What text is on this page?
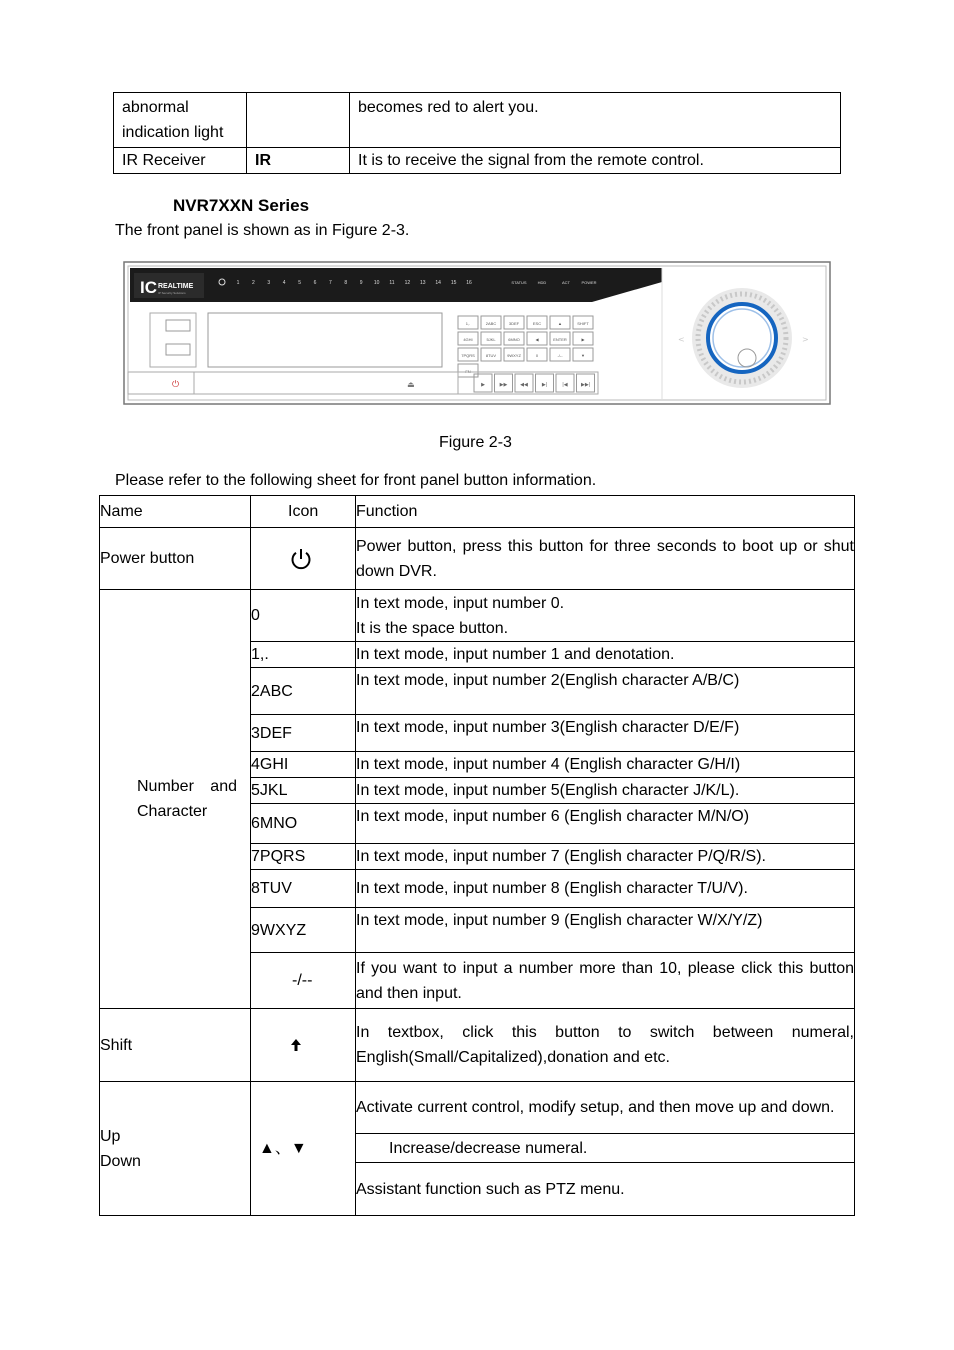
abnormal indication light		becomes red to alert you.
IR Receiver	IR	It is to receive the signal from the remote control.
NVR7XXN Series
The front panel is shown as in Figure 2-3.
IC REALTIME
IP Security Solutions
1	2	3	4	5	6	7	8	9 10 11 12 13 14 15 16	STATUS	HDD	ACT	POWER
1,.	2ABC	3DEF	ESC	▲	SHIFT
4GHI	5JKL	6MNO	◀	ENTER	▶
7PQRS	8TUV	9WXYZ	0	-/--	▼
FN
⏻	⏏	▶	▶▶	◀◀	▶|	|◀	▶▶|
<	>
Figure 2-3
Please refer to the following sheet for front panel button information.
Name	Icon	Function
Power button		Power button, press this button for three seconds to boot up or shut down DVR.
Number and Character	0	In text mode, input number 0.
It is the space button.
	1,.	In text mode, input number 1 and denotation.
	2ABC	In text mode, input number 2(English character A/B/C)
	3DEF	In text mode, input number 3(English character D/E/F)
	4GHI	In text mode, input number 4 (English character G/H/I)
	5JKL	In text mode, input number 5(English character J/K/L).
	6MNO	In text mode, input number 6 (English character M/N/O)
	7PQRS	In text mode, input number 7 (English character P/Q/R/S).
	8TUV	In text mode, input number 8 (English character T/U/V).
	9WXYZ	In text mode, input number 9 (English character W/X/Y/Z)
	-/--	If you want to input a number more than 10, please click this button and then input.
Shift		In textbox, click this button to switch between numeral, English(Small/Capitalized),donation and etc.

Up
Down	▲、▼	Activate current control, modify setup, and then move up and down.
		Increase/decrease numeral.
		Assistant function such as PTZ menu.
